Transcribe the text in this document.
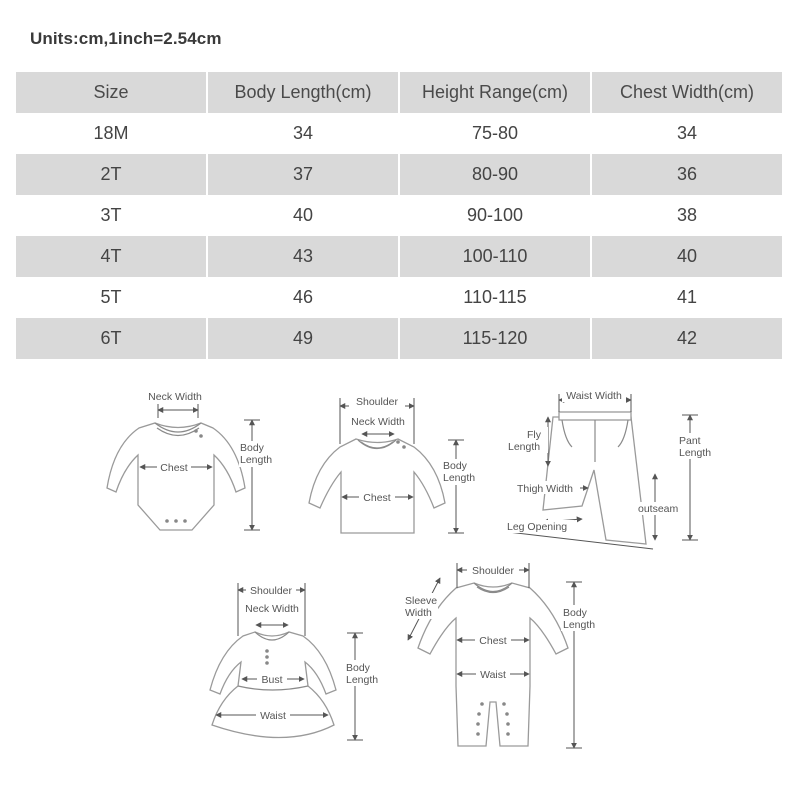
Units:cm,1inch=2.54cm
Size	Body Length(cm)	Height Range(cm)	Chest Width(cm)
18M	34	75-80	34
2T	37	80-90	36
3T	40	90-100	38
4T	43	100-110	40
5T	46	110-115	41
6T	49	115-120	42
Neck Width
Chest
Body
Length
Shoulder
Neck Width
Chest
Body
Length
Waist Width
Fly
Length	Pant
Length
Thigh Width
outseam
Leg Opening
Shoulder
Neck Width
Bust
Waist
Body
Length
Shoulder
Sleeve
Width
Chest
Waist
Body
Length
